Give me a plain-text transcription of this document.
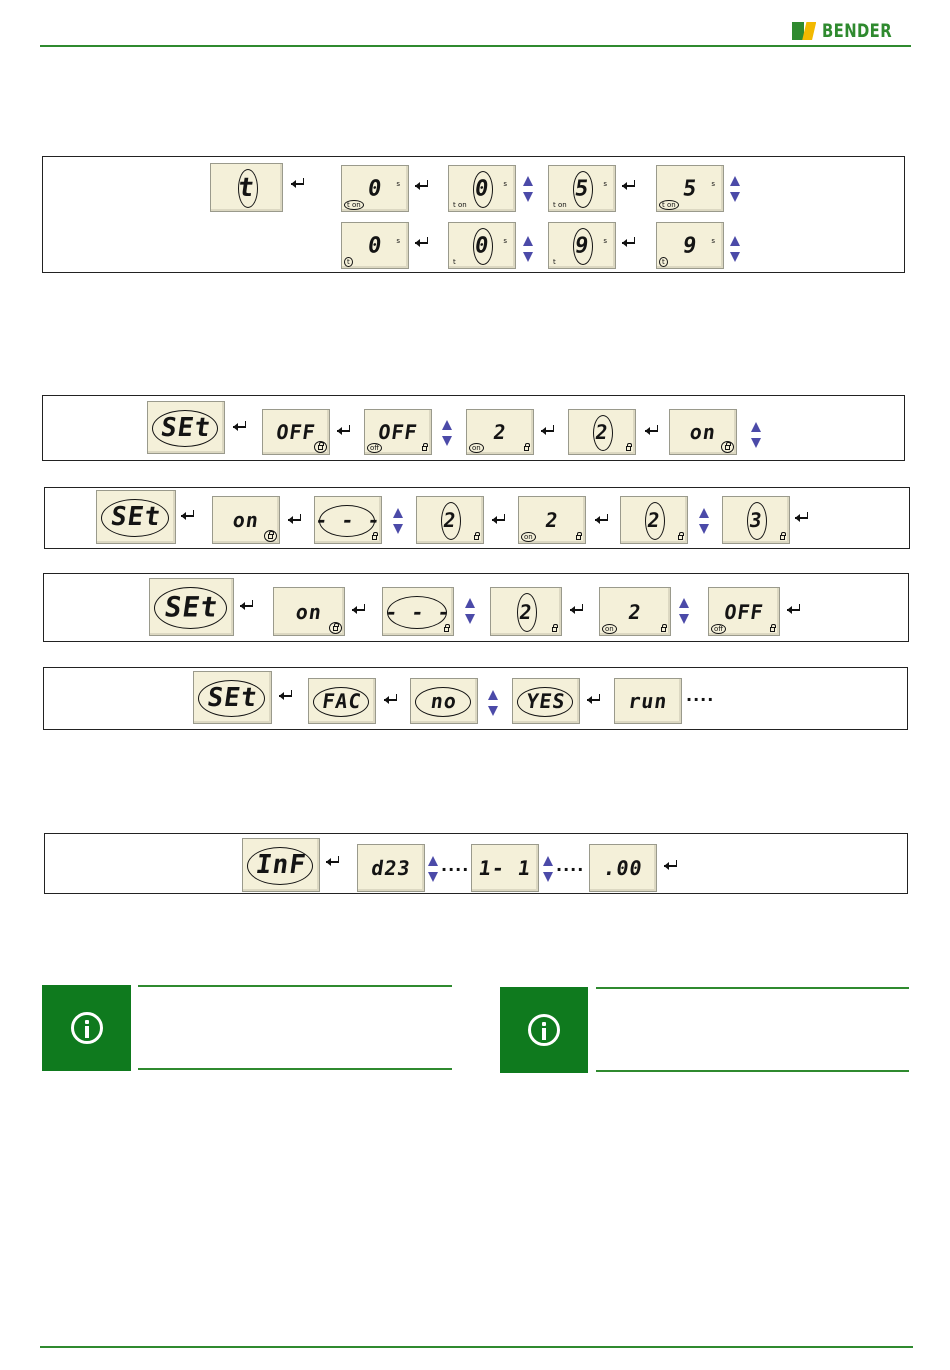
BENDER
t	0	s
t on
0	s
t on
5	s
t on
5	s
t on
0	s
t
0	s
t
9	s
t
9	s
t
SEt	OFF	OFF
off
2
on
2	on
SEt	on	- - -	2	2
on
2	3
SEt	on	- - -	2	2
on
OFF
off
SEt	FAC	no	YES	run	····
InF	d23	1- 1	.00
····	····
